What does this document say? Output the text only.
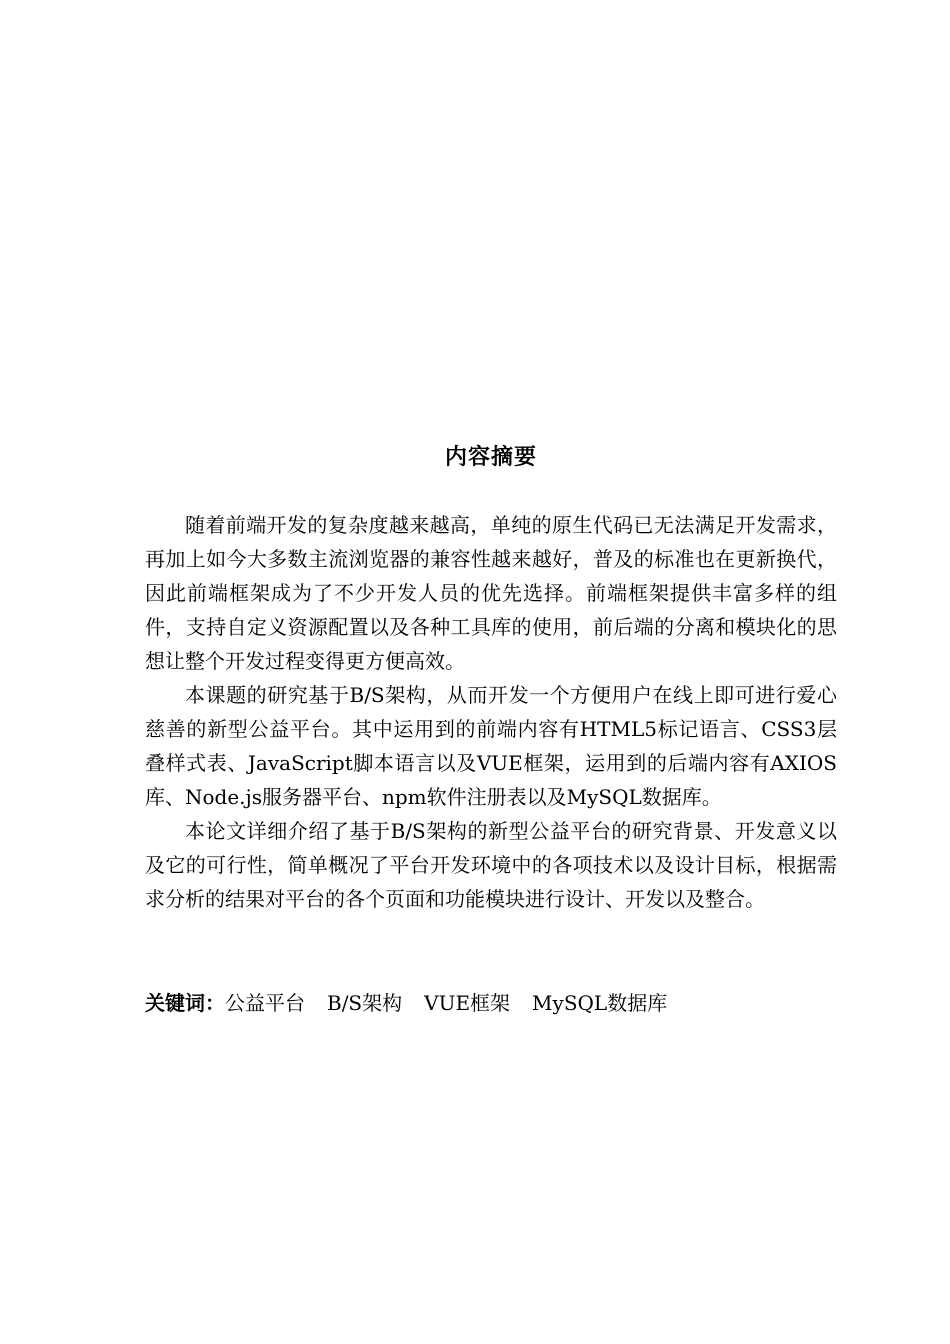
内容摘要

随着前端开发的复杂度越来越高，单纯的原生代码已无法满足开发需求，再加上如今大多数主流浏览器的兼容性越来越好，普及的标准也在更新换代，因此前端框架成为了不少开发人员的优先选择。前端框架提供丰富多样的组件，支持自定义资源配置以及各种工具库的使用，前后端的分离和模块化的思想让整个开发过程变得更方便高效。

本课题的研究基于B/S架构，从而开发一个方便用户在线上即可进行爱心慈善的新型公益平台。其中运用到的前端内容有HTML5标记语言、CSS3层叠样式表、JavaScript脚本语言以及VUE框架，运用到的后端内容有AXIOS库、Node.js服务器平台、npm软件注册表以及MySQL数据库。

本论文详细介绍了基于B/S架构的新型公益平台的研究背景、开发意义以及它的可行性，简单概况了平台开发环境中的各项技术以及设计目标，根据需求分析的结果对平台的各个页面和功能模块进行设计、开发以及整合。

关键词：公益平台 B/S架构 VUE框架 MySQL数据库
